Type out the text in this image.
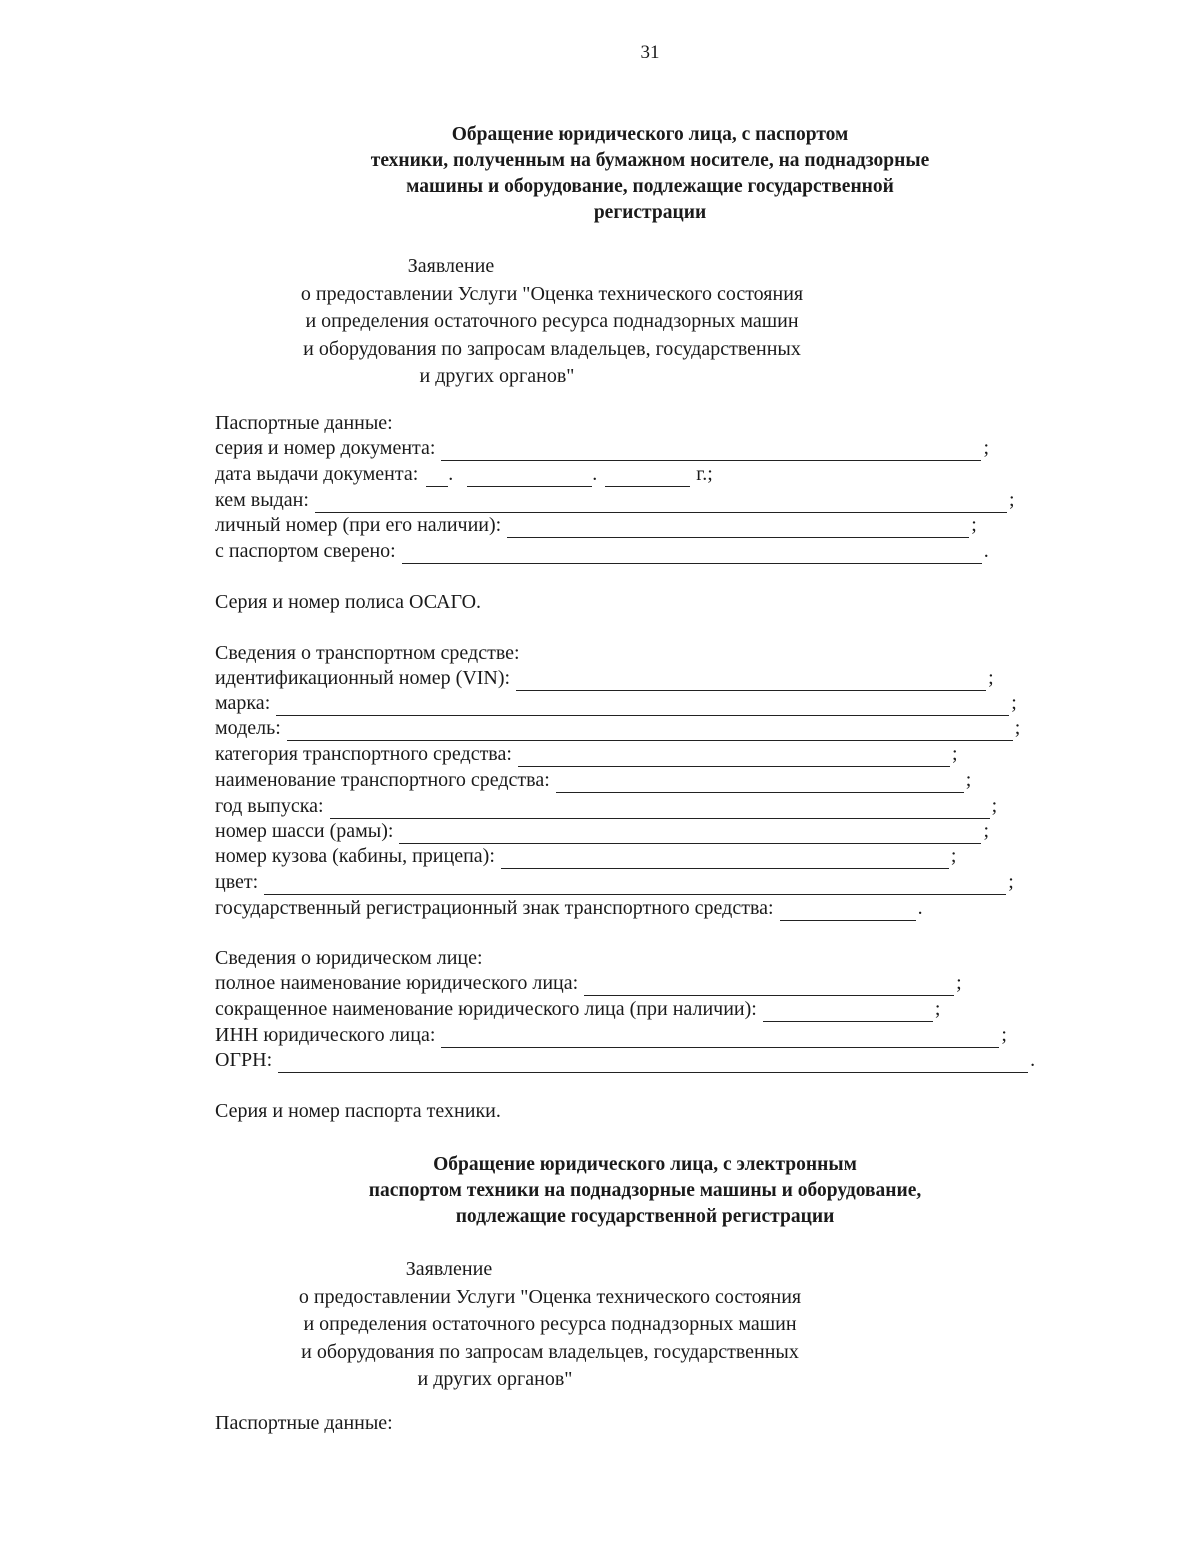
31
Обращение юридического лица, с паспортом
техники, полученным на бумажном носителе, на поднадзорные
машины и оборудование, подлежащие государственной
регистрации
Заявление
о предоставлении Услуги "Оценка технического состояния
и определения остаточного ресурса поднадзорных машин
и оборудования по запросам владельцев, государственных
и других органов"
Паспортные данные:
серия и номер документа:	;
дата выдачи документа: .	.	г.;
кем выдан:	;
личный номер (при его наличии):	;
с паспортом сверено:	.
Серия и номер полиса ОСАГО.
Сведения о транспортном средстве:
идентификационный номер (VIN):	;
марка:	;
модель:	;
категория транспортного средства:	;
наименование транспортного средства:	;
год выпуска:	;
номер шасси (рамы):	;
номер кузова (кабины, прицепа):	;
цвет:	;
государственный регистрационный знак транспортного средства:	.
Сведения о юридическом лице:
полное наименование юридического лица:	;
сокращенное наименование юридического лица (при наличии):	;
ИНН юридического лица:	;
ОГРН:	.
Серия и номер паспорта техники.
Обращение юридического лица, с электронным
паспортом техники на поднадзорные машины и оборудование,
подлежащие государственной регистрации
Заявление
о предоставлении Услуги "Оценка технического состояния
и определения остаточного ресурса поднадзорных машин
и оборудования по запросам владельцев, государственных
и других органов"
Паспортные данные:
